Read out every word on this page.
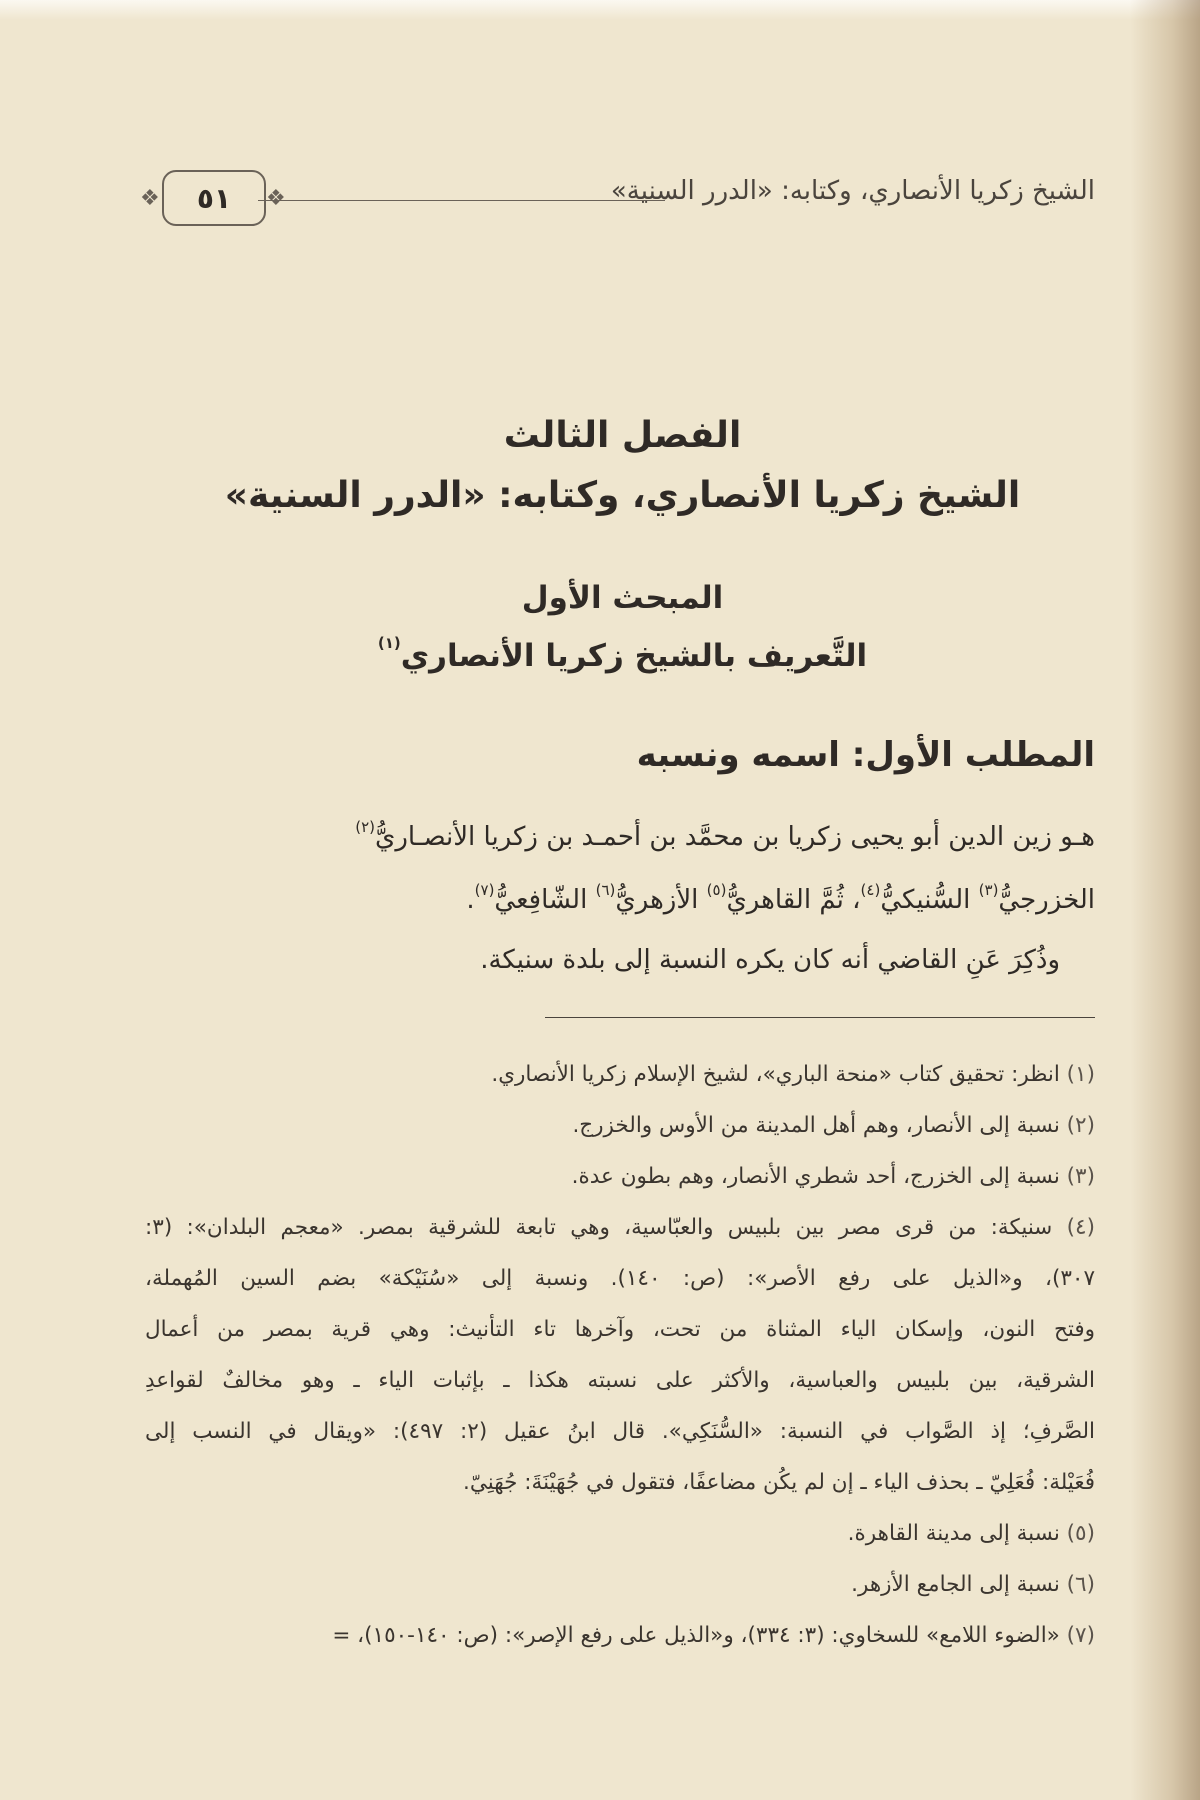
الشيخ زكريا الأنصاري، وكتابه: «الدرر السنية»
❖	٥١	❖
الفصل الثالث
الشيخ زكريا الأنصاري، وكتابه: «الدرر السنية»
المبحث الأول
التَّعريف بالشيخ زكريا الأنصاري$^{(١)}$
المطلب الأول: اسمه ونسبه
هـو زين الدين أبو يحيى زكريا بن محمَّد بن أحمـد بن زكريا الأنصـاريُّ$^{(٢)}$
الخزرجيُّ$^{(٣)}$ السُّنيكيُّ$^{(٤)}$، ثُمَّ القاهريُّ$^{(٥)}$ الأزهريُّ$^{(٦)}$ الشّافِعيُّ$^{(٧)}$.
وذُكِرَ عَنِ القاضي أنه كان يكره النسبة إلى بلدة سنيكة.
(١) انظر: تحقيق كتاب «منحة الباري»، لشيخ الإسلام زكريا الأنصاري.
(٢) نسبة إلى الأنصار، وهم أهل المدينة من الأوس والخزرج.
(٣) نسبة إلى الخزرج، أحد شطري الأنصار، وهم بطون عدة.
(٤) سنيكة: من قرى مصر بين بلبيس والعبّاسية، وهي تابعة للشرقية بمصر. «معجم البلدان»: (٣:
٣٠٧)، و«الذيل على رفع الأصر»: (ص: ١٤٠). ونسبة إلى «سُنَيْكة» بضم السين المُهملة،
وفتح النون، وإسكان الياء المثناة من تحت، وآخرها تاء التأنيث: وهي قرية بمصر من أعمال
الشرقية، بين بلبيس والعباسية، والأكثر على نسبته هكذا ـ بإثبات الياء ـ وهو مخالفٌ لقواعدِ
الصَّرفِ؛ إذ الصَّواب في النسبة: «السُّنَكِي». قال ابنُ عقيل (٢: ٤٩٧): «ويقال في النسب إلى
فُعَيْلة: فُعَلِيّ ـ بحذف الياء ـ إن لم يكُن مضاعفًا، فتقول في جُهَيْنَةَ: جُهَنِيّ.
(٥) نسبة إلى مدينة القاهرة.
(٦) نسبة إلى الجامع الأزهر.
(٧) «الضوء اللامع» للسخاوي: (٣: ٣٣٤)، و«الذيل على رفع الإصر»: (ص: ١٤٠-١٥٠)، =
